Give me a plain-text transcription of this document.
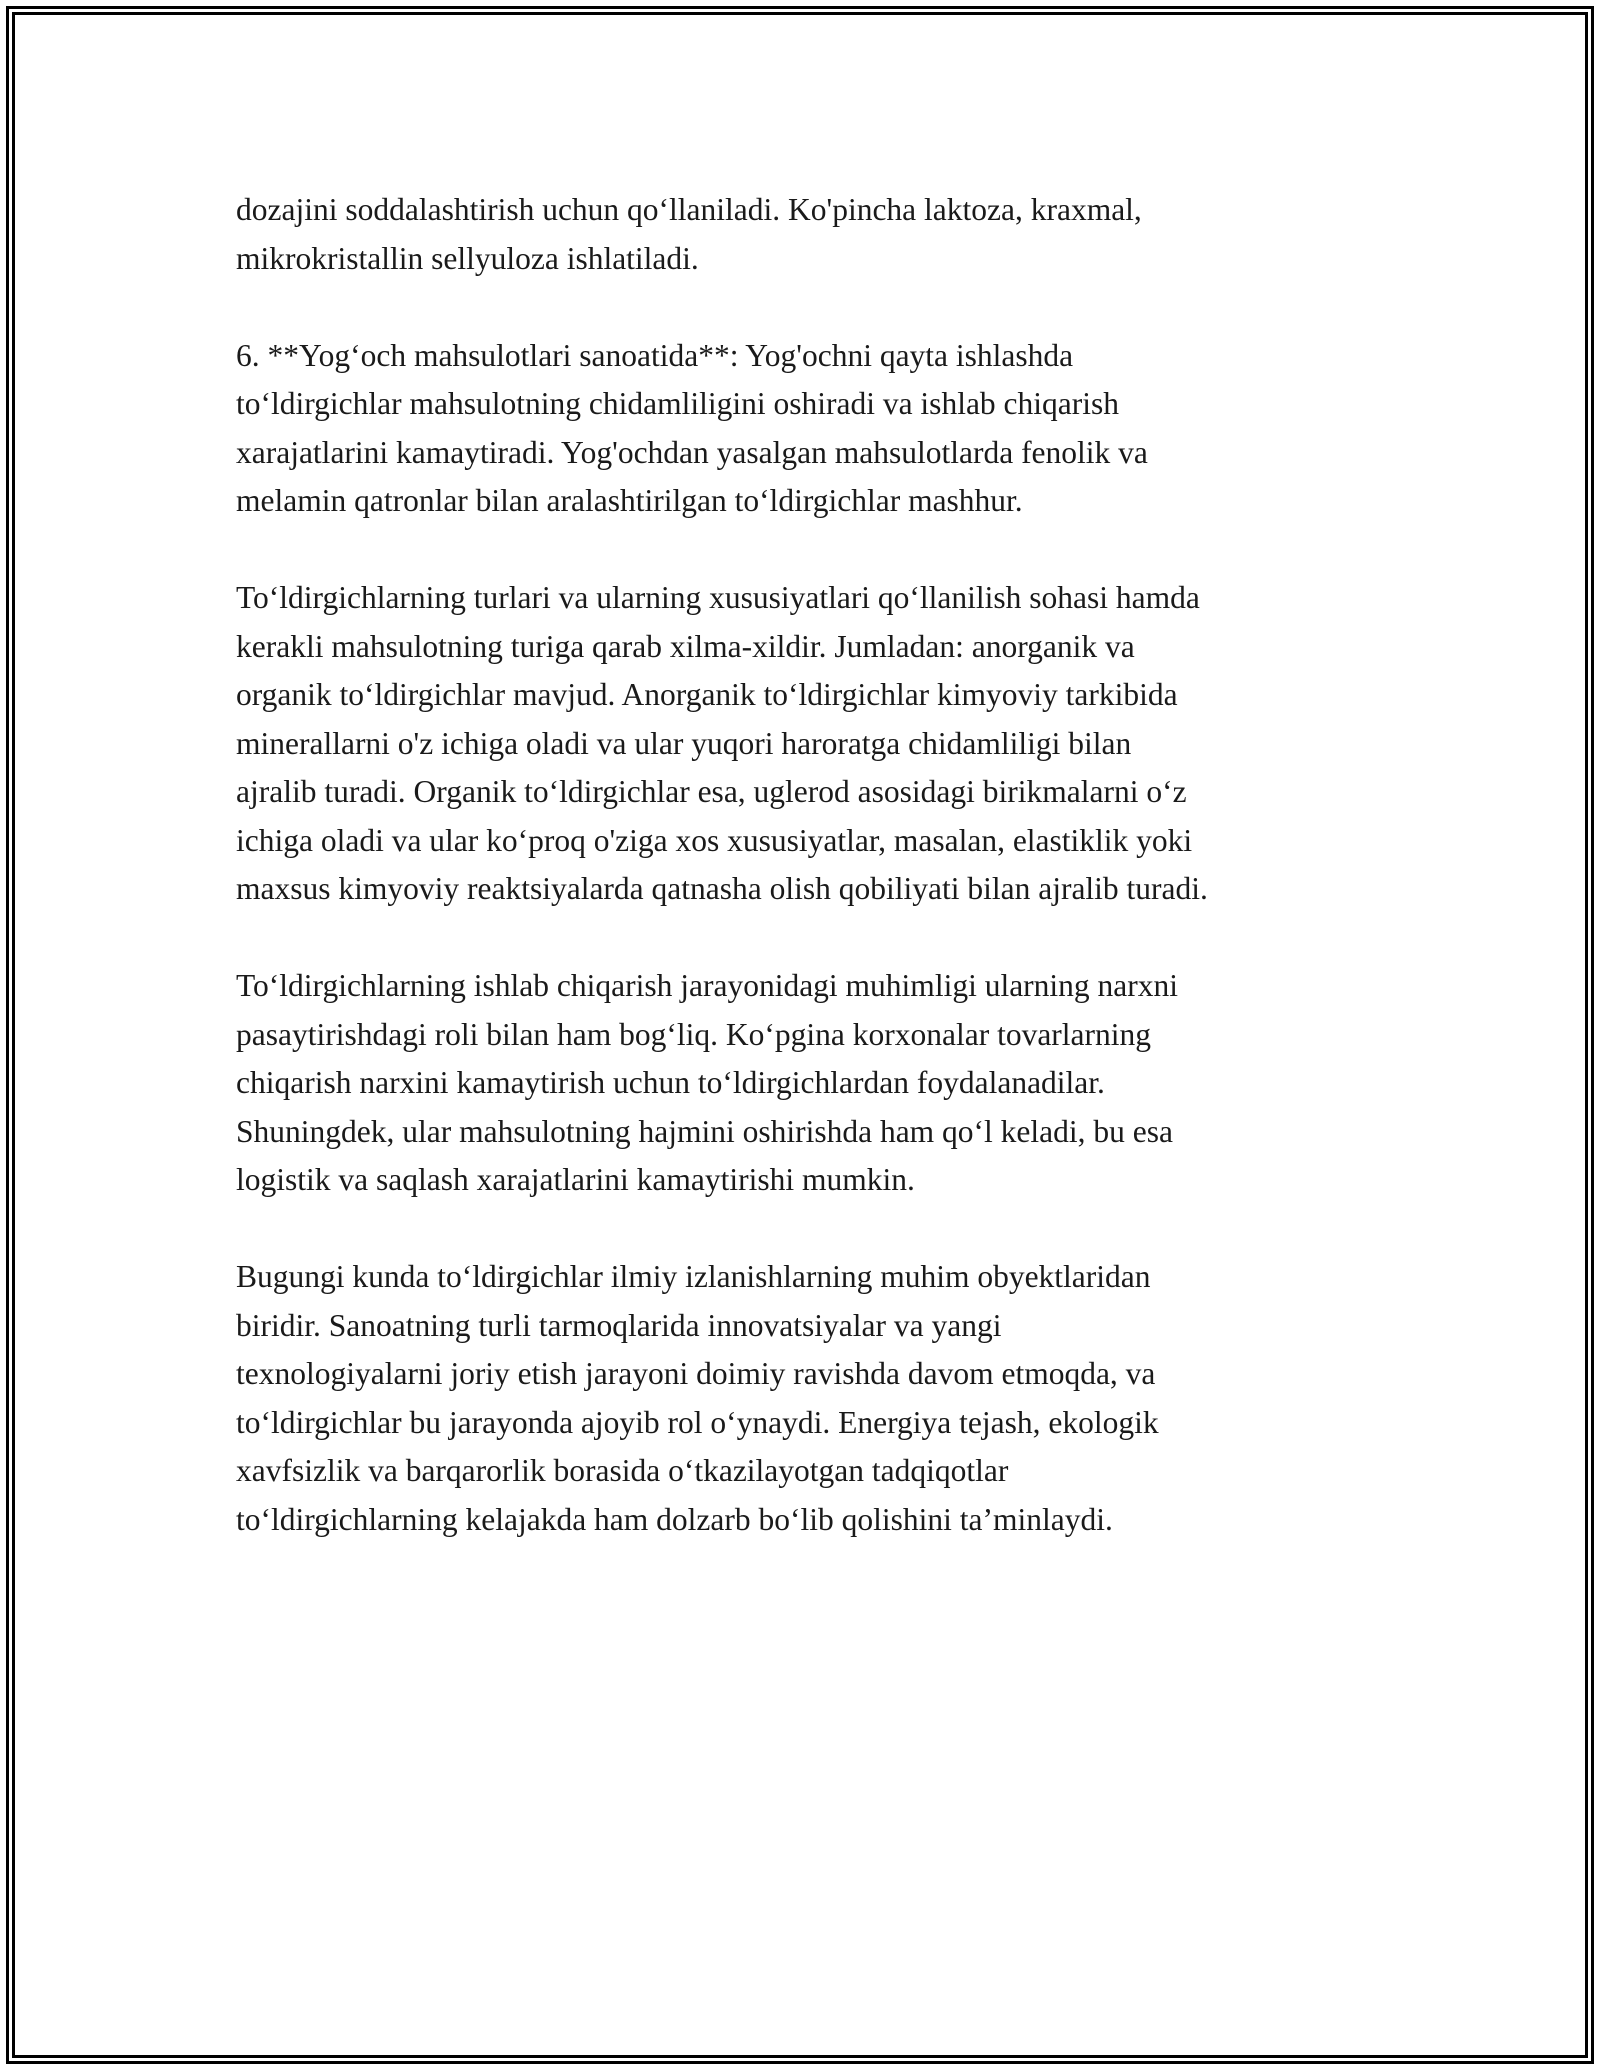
dozajini soddalashtirish uchun qo‘llaniladi. Ko'pincha laktoza, kraxmal,
mikrokristallin sellyuloza ishlatiladi.

6. **Yog‘och mahsulotlari sanoatida**: Yog'ochni qayta ishlashda
to‘ldirgichlar mahsulotning chidamliligini oshiradi va ishlab chiqarish
xarajatlarini kamaytiradi. Yog'ochdan yasalgan mahsulotlarda fenolik va
melamin qatronlar bilan aralashtirilgan to‘ldirgichlar mashhur.

To‘ldirgichlarning turlari va ularning xususiyatlari qo‘llanilish sohasi hamda
kerakli mahsulotning turiga qarab xilma-xildir. Jumladan: anorganik va
organik to‘ldirgichlar mavjud. Anorganik to‘ldirgichlar kimyoviy tarkibida
minerallarni o'z ichiga oladi va ular yuqori haroratga chidamliligi bilan
ajralib turadi. Organik to‘ldirgichlar esa, uglerod asosidagi birikmalarni o‘z
ichiga oladi va ular ko‘proq o'ziga xos xususiyatlar, masalan, elastiklik yoki
maxsus kimyoviy reaktsiyalarda qatnasha olish qobiliyati bilan ajralib turadi.

To‘ldirgichlarning ishlab chiqarish jarayonidagi muhimligi ularning narxni
pasaytirishdagi roli bilan ham bog‘liq. Ko‘pgina korxonalar tovarlarning
chiqarish narxini kamaytirish uchun to‘ldirgichlardan foydalanadilar.
Shuningdek, ular mahsulotning hajmini oshirishda ham qo‘l keladi, bu esa
logistik va saqlash xarajatlarini kamaytirishi mumkin.

Bugungi kunda to‘ldirgichlar ilmiy izlanishlarning muhim obyektlaridan
biridir. Sanoatning turli tarmoqlarida innovatsiyalar va yangi
texnologiyalarni joriy etish jarayoni doimiy ravishda davom etmoqda, va
to‘ldirgichlar bu jarayonda ajoyib rol o‘ynaydi. Energiya tejash, ekologik
xavfsizlik va barqarorlik borasida o‘tkazilayotgan tadqiqotlar
to‘ldirgichlarning kelajakda ham dolzarb bo‘lib qolishini ta’minlaydi.
